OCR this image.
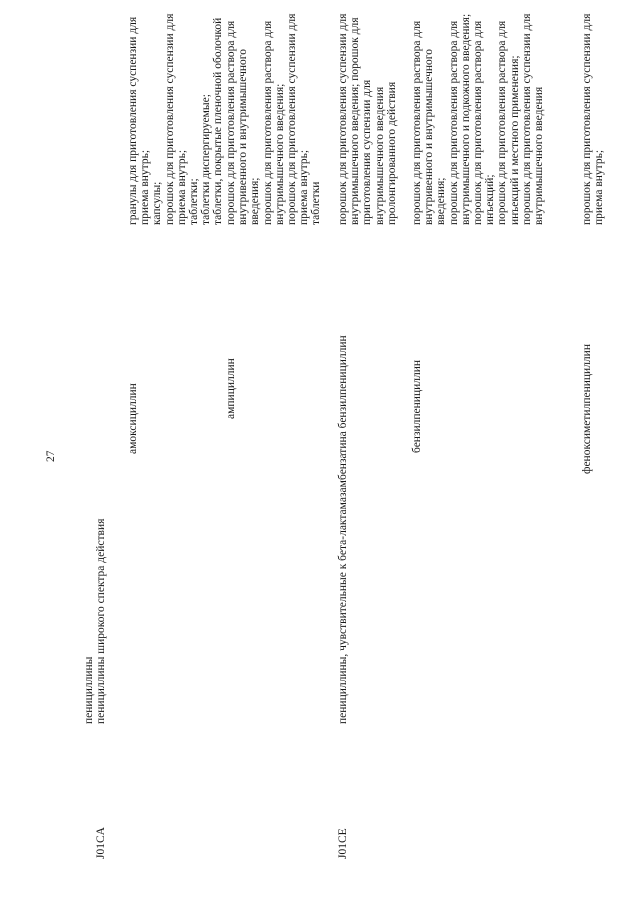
27
J01CA
пенициллины пенициллины широкого спектра действия
амоксициллин
гранулы для приготовления суспензии для приема внутрь; капсулы; порошок для приготовления суспензии для приема внутрь; таблетки; таблетки диспергируемые; таблетки, покрытые пленочной оболочкой
ампициллин
порошок для приготовления раствора для внутривенного и внутримышечного введения; порошок для приготовления раствора для внутримышечного введения; порошок для приготовления суспензии для приема внутрь; таблетки
J01CE
пенициллины, чувствительные к бета-лактамазам
бензатина бензилпенициллин
порошок для приготовления суспензии для внутримышечного введения; порошок для приготовления суспензии для внутримышечного введения пролонгированного действия
бензилпенициллин
порошок для приготовления раствора для внутривенного и внутримышечного введения; порошок для приготовления раствора для внутримышечного и подкожного введения; порошок для приготовления раствора для инъекций; порошок для приготовления раствора для инъекций и местного применения; порошок для приготовления суспензии для внутримышечного введения
феноксиметилпенициллин
порошок для приготовления суспензии для приема внутрь;
